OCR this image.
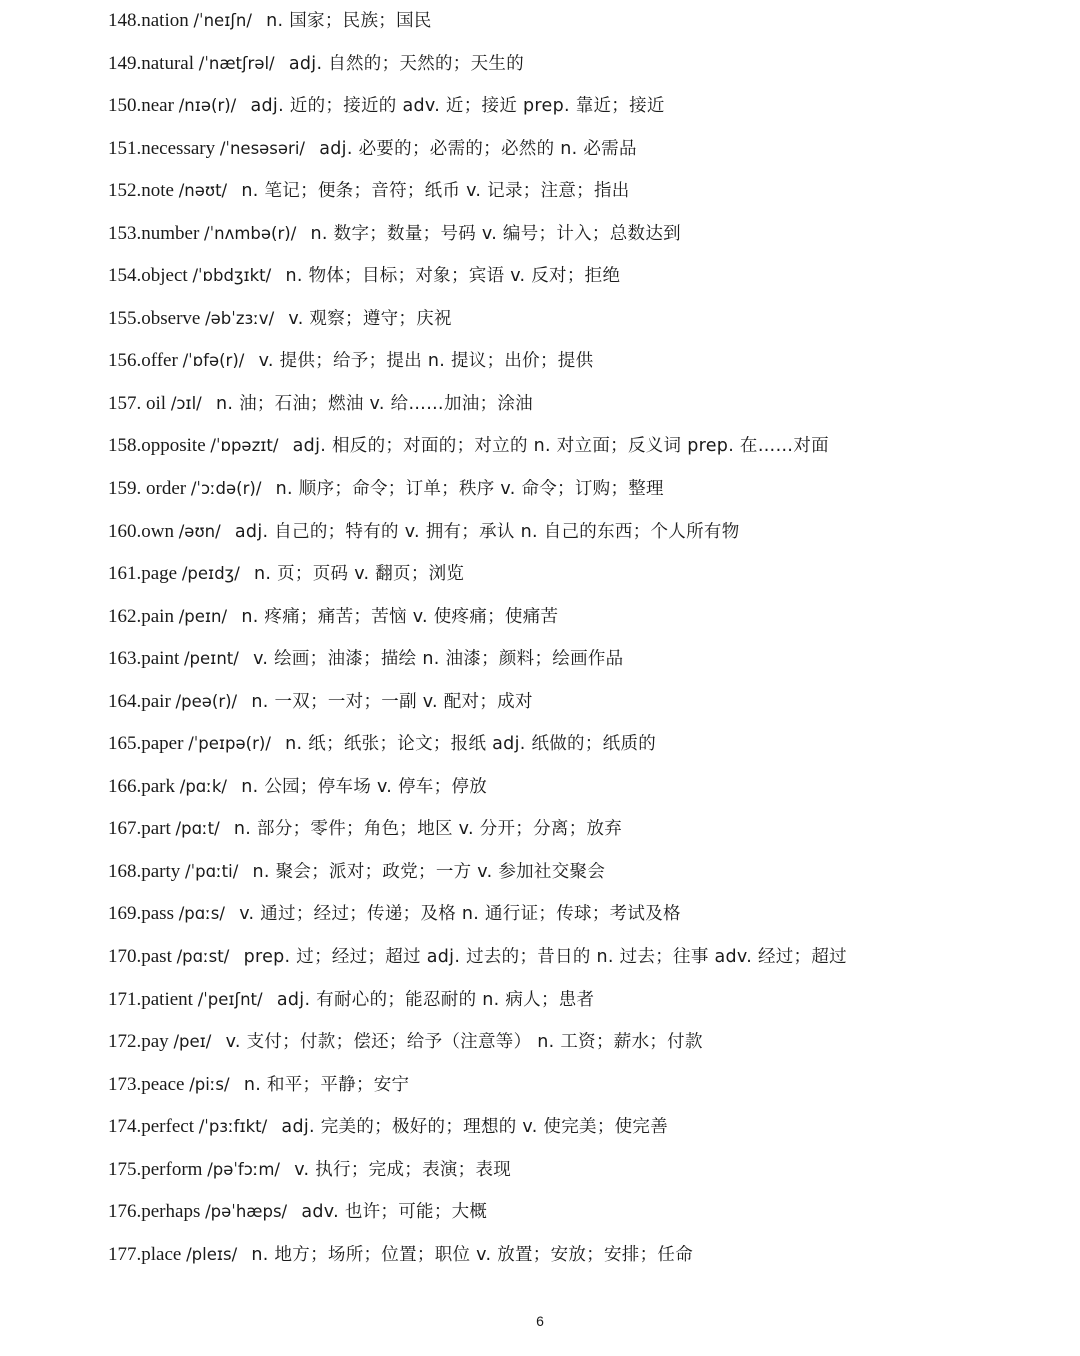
148.nation /ˈneɪʃn/ n. 国家；民族；国民
149.natural /ˈnætʃrəl/ adj. 自然的；天然的；天生的
150.near /nɪə(r)/ adj. 近的；接近的 adv. 近；接近 prep. 靠近；接近
151.necessary /ˈnesəsəri/ adj. 必要的；必需的；必然的 n. 必需品
152.note /nəʊt/ n. 笔记；便条；音符；纸币 v. 记录；注意；指出
153.number /ˈnʌmbə(r)/ n. 数字；数量；号码 v. 编号；计入；总数达到
154.object /ˈɒbdʒɪkt/ n. 物体；目标；对象；宾语 v. 反对；拒绝
155.observe /əbˈzɜːv/ v. 观察；遵守；庆祝
156.offer /ˈɒfə(r)/ v. 提供；给予；提出 n. 提议；出价；提供
157. oil /ɔɪl/ n. 油；石油；燃油 v. 给……加油；涂油
158.opposite /ˈɒpəzɪt/ adj. 相反的；对面的；对立的 n. 对立面；反义词 prep. 在……对面
159. order /ˈɔːdə(r)/ n. 顺序；命令；订单；秩序 v. 命令；订购；整理
160.own /əʊn/ adj. 自己的；特有的 v. 拥有；承认 n. 自己的东西；个人所有物
161.page /peɪdʒ/ n. 页；页码 v. 翻页；浏览
162.pain /peɪn/ n. 疼痛；痛苦；苦恼 v. 使疼痛；使痛苦
163.paint /peɪnt/ v. 绘画；油漆；描绘 n. 油漆；颜料；绘画作品
164.pair /peə(r)/ n. 一双；一对；一副 v. 配对；成对
165.paper /ˈpeɪpə(r)/ n. 纸；纸张；论文；报纸 adj. 纸做的；纸质的
166.park /pɑːk/ n. 公园；停车场 v. 停车；停放
167.part /pɑːt/ n. 部分；零件；角色；地区 v. 分开；分离；放弃
168.party /ˈpɑːti/ n. 聚会；派对；政党；一方 v. 参加社交聚会
169.pass /pɑːs/ v. 通过；经过；传递；及格 n. 通行证；传球；考试及格
170.past /pɑːst/ prep. 过；经过；超过 adj. 过去的；昔日的 n. 过去；往事 adv. 经过；超过
171.patient /ˈpeɪʃnt/ adj. 有耐心的；能忍耐的 n. 病人；患者
172.pay /peɪ/ v. 支付；付款；偿还；给予（注意等） n. 工资；薪水；付款
173.peace /piːs/ n. 和平；平静；安宁
174.perfect /ˈpɜːfɪkt/ adj. 完美的；极好的；理想的 v. 使完美；使完善
175.perform /pəˈfɔːm/ v. 执行；完成；表演；表现
176.perhaps /pəˈhæps/ adv. 也许；可能；大概
177.place /pleɪs/ n. 地方；场所；位置；职位 v. 放置；安放；安排；任命
6
